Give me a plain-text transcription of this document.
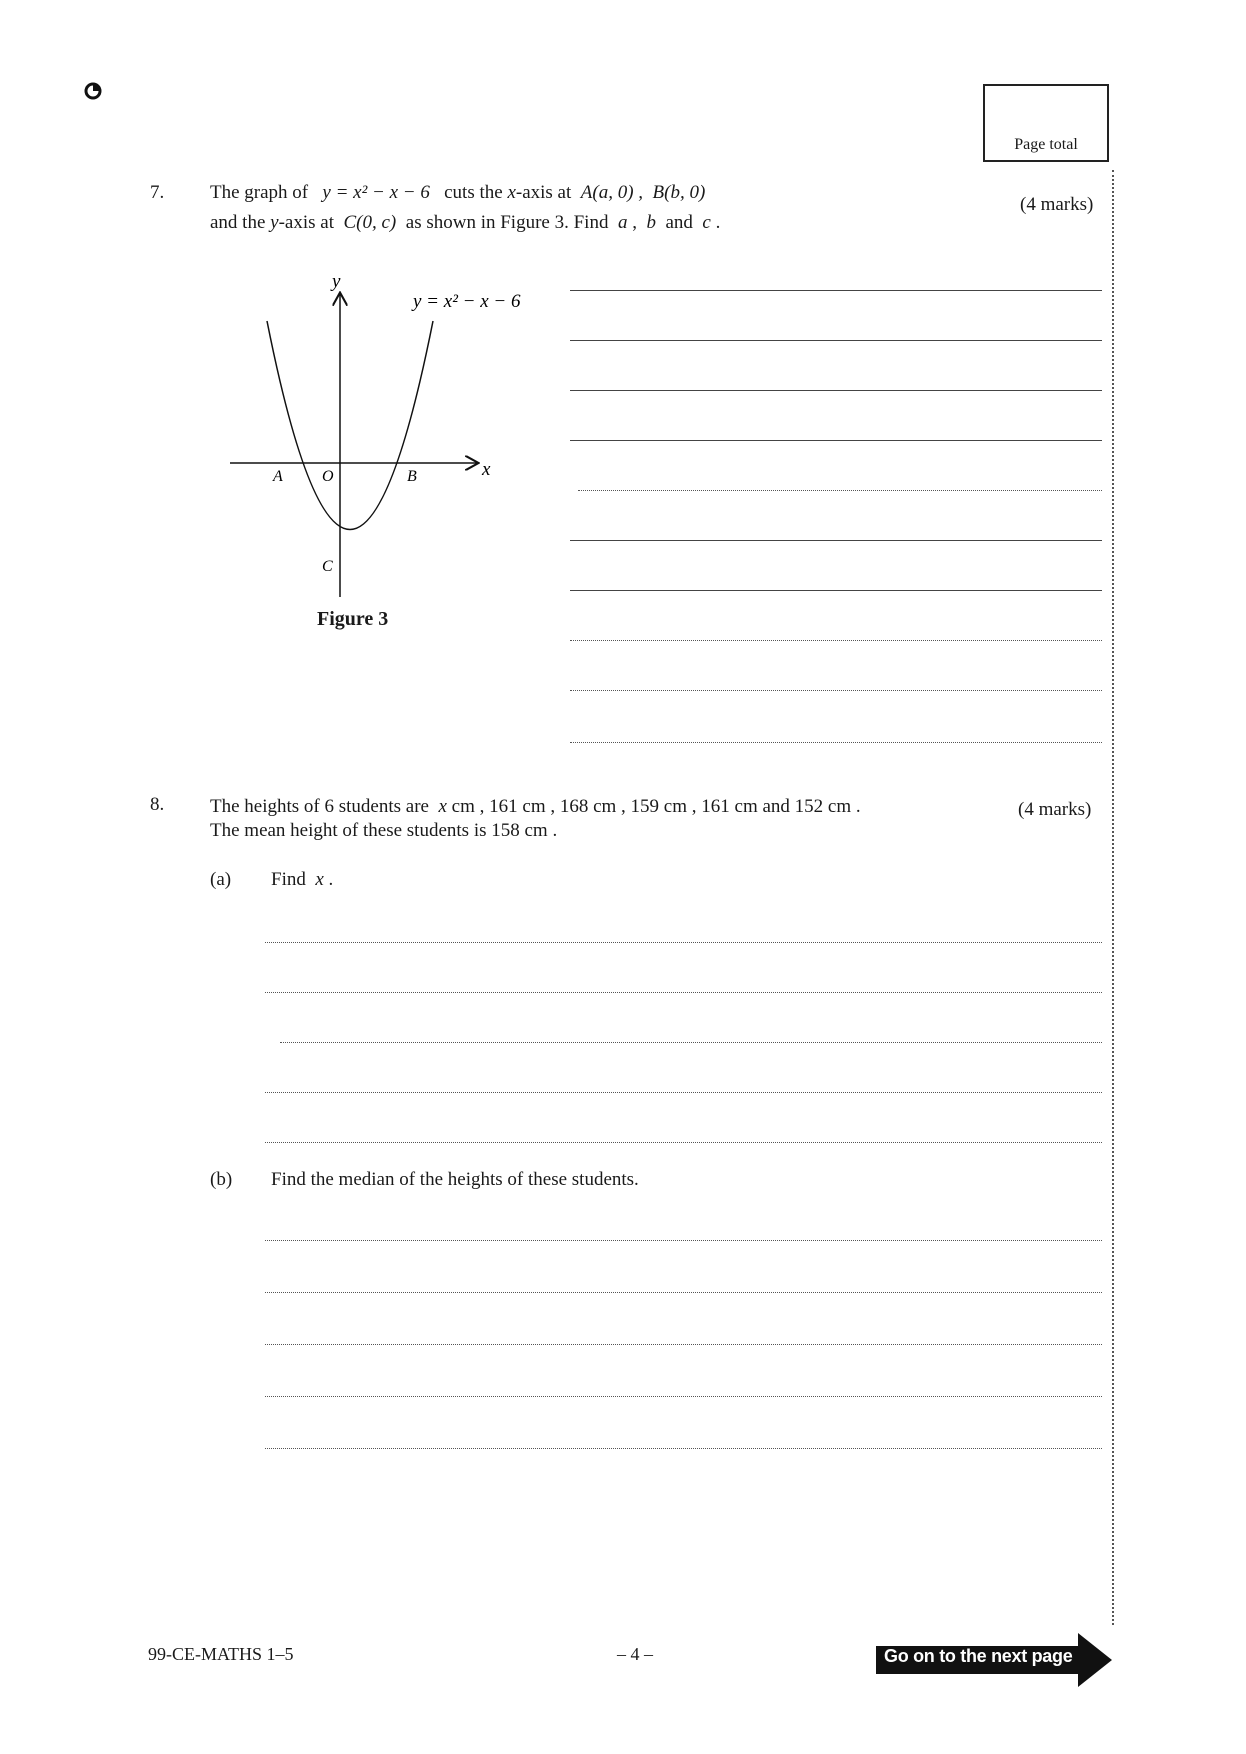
Page total
7.
(4 marks)
The graph of y = x² − x − 6 cuts the x-axis at A(a, 0) , B(b, 0)
and the y-axis at C(0, c) as shown in Figure 3. Find a , b and c .
y
x
y = x² − x − 6
A O	B
C
Figure 3
8.	(4 marks)
The heights of 6 students are x cm , 161 cm , 168 cm , 159 cm , 161 cm and 152 cm .
The mean height of these students is 158 cm .
(a) Find x .
(b) Find the median of the heights of these students.
99-CE-MATHS 1–5	– 4 –	Go on to the next page
